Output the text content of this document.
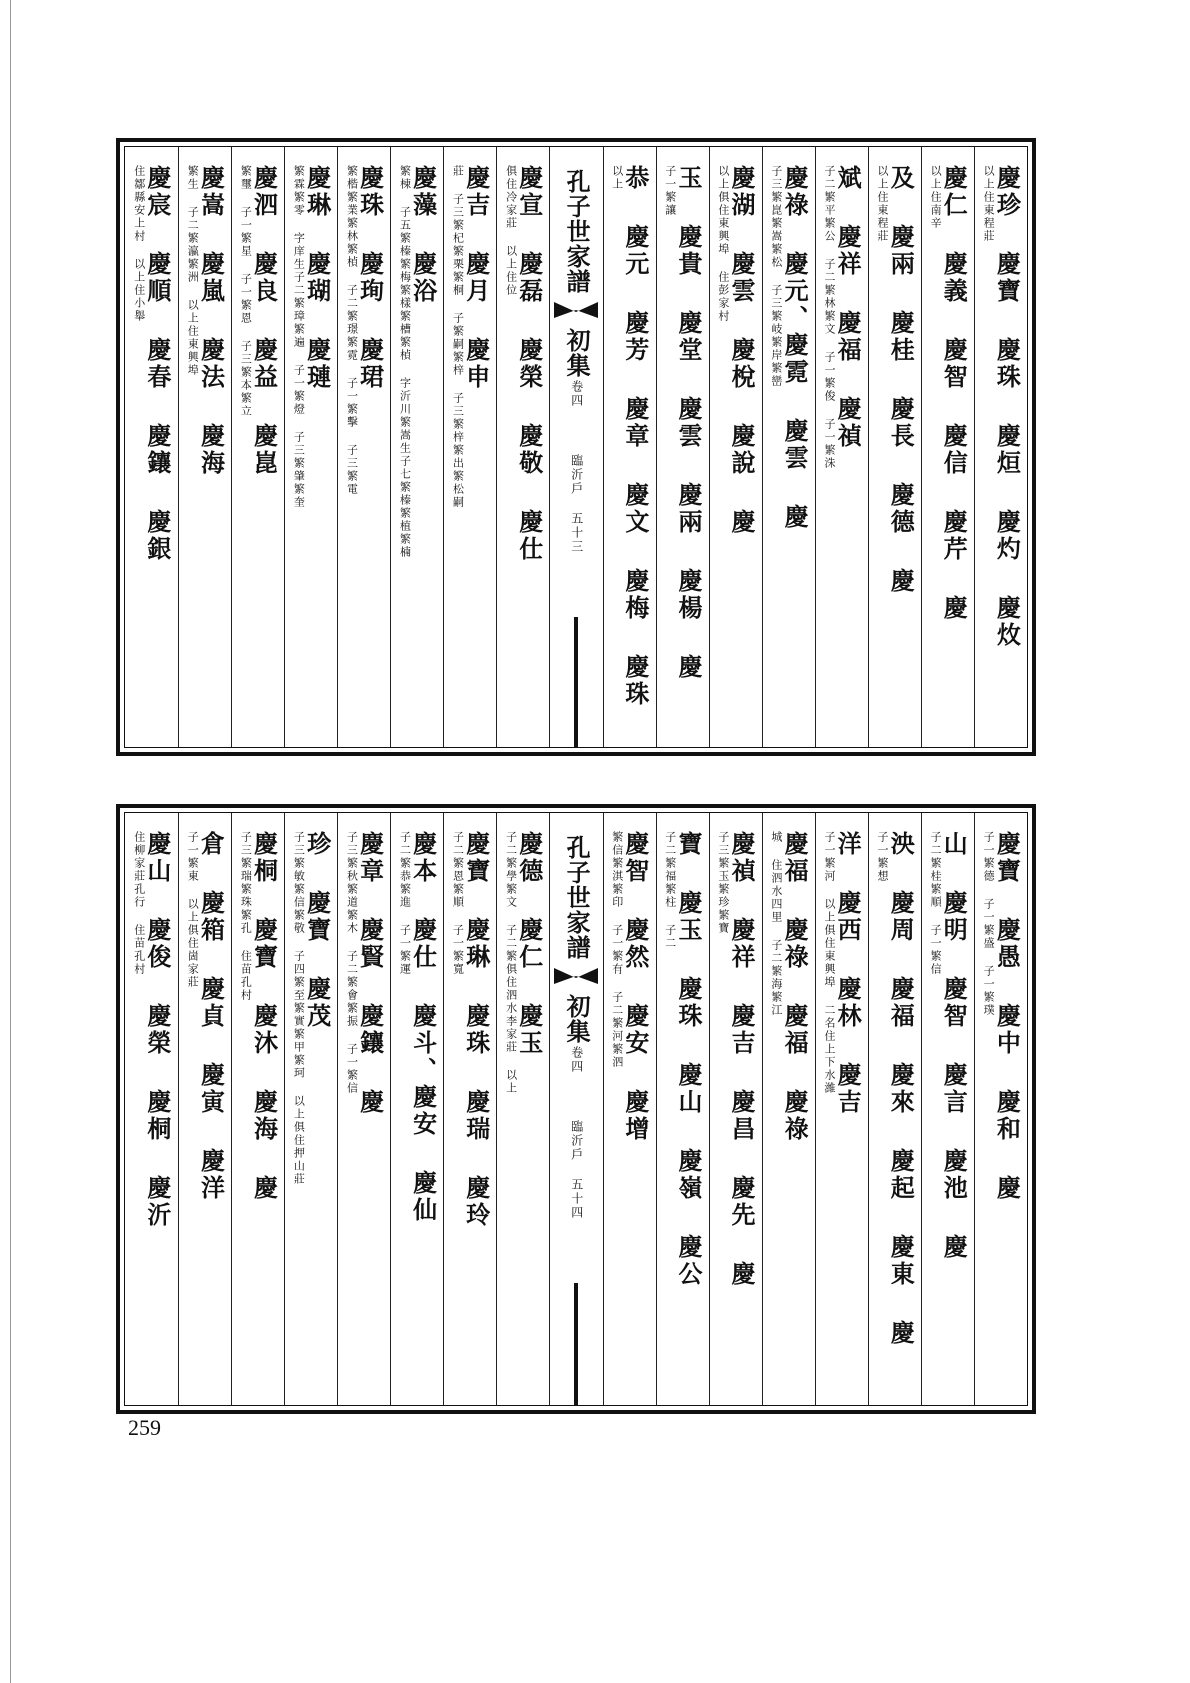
慶宸 慶順 慶春 慶鑲 慶銀
住鄒縣安上村 以上住小舉 慶嵩 慶嵐 慶法 慶海
繁生 子二繁瀛繁洲 以上住東興埠 慶泗 慶良 慶益 慶崑
繁璽 子一繁星 子一繁恩 子三繁本繁立 慶琳 慶瑚 慶璉
繁霖繁零 字庠生子二繁璋繁遍 子一繁燈 子三繁肇繁奎 慶珠 慶珣 慶珺
繁楷繁業繁林繁楨 子二繁璟繁霓 子一繁擊 子三繁電 慶藻 慶浴
繁棟 子五繁榛繁梅繁樣繁槽繁楨 字沂川繁嵩生子七繁榛繁植繁楠 慶吉 慶月 慶申
莊 子三繁杞繁栗繁桐 子繁嗣繁梓 子三繁梓繁出繁松嗣 慶宣 慶磊 慶榮 慶敬 慶仕
俱住冷家莊 以上住位 孔子世家譜
初集
卷四
臨沂戶
五十三 恭 慶元 慶芳 慶章 慶文 慶梅 慶珠
以上 玉 慶貴 慶堂 慶雲 慶兩 慶楊 慶
子一繁讓 慶湖 慶雲 慶梲 慶說 慶
以上俱住東興埠 住彭家村 慶祿 慶元、慶霓 慶雲 慶
子三繁崑繁嵩繁松 子三繁岐繁岸繁巒 斌 慶祥 慶福 慶禎
子二繁平繁公 子二繁林繁文 子一繁俊 子一繁洙 及 慶兩 慶桂 慶長 慶德 慶
以上住東程莊 慶仁 慶義 慶智 慶信 慶芹 慶
以上住南辛 慶珍 慶寶 慶珠 慶烜 慶灼 慶炇
以上住東程莊
慶山 慶俊 慶榮 慶桐 慶沂
住柳家莊孔行 住苗孔村 倉 慶箱 慶貞 慶寅 慶洋
子一繁東 以上俱住崮家莊 慶桐 慶寶 慶沐 慶海 慶
子三繁瑞繁珠繁孔 住苗孔村 珍 慶寶 慶茂
子三繁敏繁信繁敬 子四繁至繁實繁甲繁珂 以上俱住押山莊 慶章 慶賢 慶鑲 慶
子三繁秋繁道繁木 子二繁會繁振 子一繁信 慶本 慶仕 慶斗、慶安 慶仙
子二繁恭繁進 子一繁運 慶寶 慶琳 慶珠 慶瑞 慶玲
子二繁恩繁順 子一繁寬 慶德 慶仁 慶玉
子二繁學繁文 子二繁俱住泗水李家莊 以上 孔子世家譜
初集
卷四
臨沂戶
五十四
慶智 慶然 慶安 慶增
繁信繁淇繁印 子一繁有 子二繁河繁泗 寶 慶玉 慶珠 慶山 慶嶺 慶公
子二繁福繁柱 子二 慶禎 慶祥 慶吉 慶昌 慶先 慶
子三繁玉繁珍繁寶 慶福 慶祿 慶福 慶祿
城 住泗水四里 子二繁海繁江 洋 慶西 慶林 慶吉
子一繁河 以上俱住東興埠 二名住上下水濰 泱 慶周 慶福 慶來 慶起 慶東 慶
子一繁想 山 慶明 慶智 慶言 慶池 慶
子二繁桂繁順 子一繁信 慶寶 慶愚 慶中 慶和 慶
子一繁德 子一繁盛 子一繁璞
259
